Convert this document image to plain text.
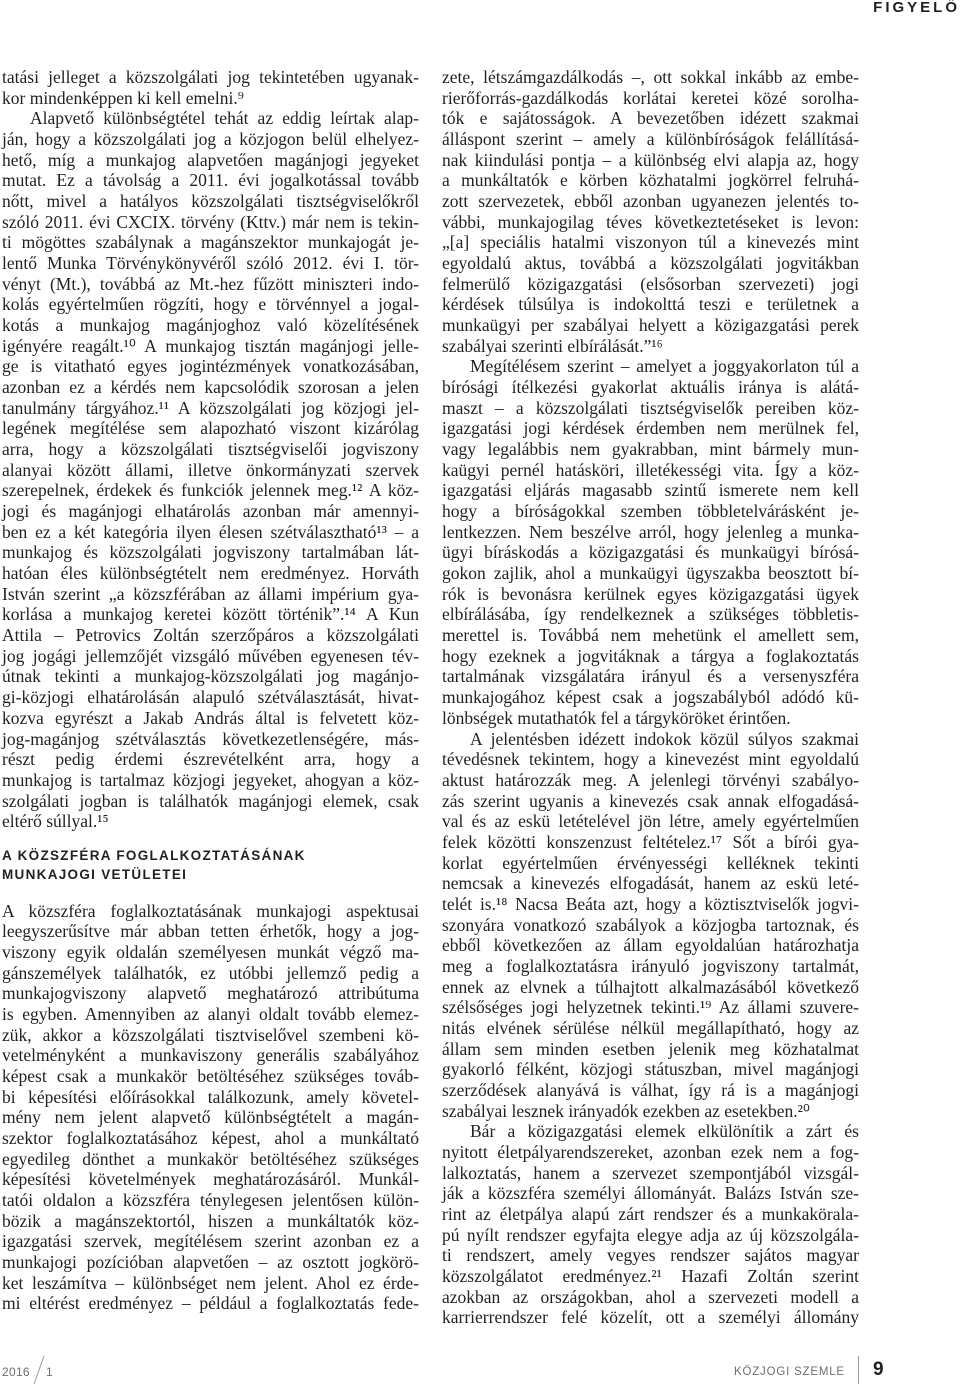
FIGYELŐ
tatási jelleget a közszolgálati jog tekintetében ugyanak-
kor mindenképpen ki kell emelni.⁹
Alapvető különbségtétel tehát az eddig leírtak alap-
ján, hogy a közszolgálati jog a közjogon belül elhelyez-
hető, míg a munkajog alapvetően magánjogi jegyeket
mutat. Ez a távolság a 2011. évi jogalkotással tovább
nőtt, mivel a hatályos közszolgálati tisztségviselőkről
szóló 2011. évi CXCIX. törvény (Kttv.) már nem is tekin-
ti mögöttes szabálynak a magánszektor munkajogát je-
lentő Munka Törvénykönyvéről szóló 2012. évi I. tör-
vényt (Mt.), továbbá az Mt.-hez fűzött miniszteri indo-
kolás egyértelműen rögzíti, hogy e törvénnyel a jogal-
kotás a munkajog magánjoghoz való közelítésének
igényére reagált.¹⁰ A munkajog tisztán magánjogi jelle-
ge is vitatható egyes jogintézmények vonatkozásában,
azonban ez a kérdés nem kapcsolódik szorosan a jelen
tanulmány tárgyához.¹¹ A közszolgálati jog közjogi jel-
legének megítélése sem alapozható viszont kizárólag
arra, hogy a közszolgálati tisztségviselői jogviszony
alanyai között állami, illetve önkormányzati szervek
szerepelnek, érdekek és funkciók jelennek meg.¹² A köz-
jogi és magánjogi elhatárolás azonban már amennyi-
ben ez a két kategória ilyen élesen szétválasztható¹³ – a
munkajog és közszolgálati jogviszony tartalmában lát-
hatóan éles különbségtételt nem eredményez. Horváth
István szerint „a közszférában az állami impérium gya-
korlása a munkajog keretei között történik”.¹⁴ A Kun
Attila – Petrovics Zoltán szerzőpáros a közszolgálati
jog jogági jellemzőjét vizsgáló művében egyenesen tév-
útnak tekinti a munkajog-közszolgálati jog magánjo-
gi-közjogi elhatárolásán alapuló szétválasztását, hivat-
kozva egyrészt a Jakab András által is felvetett köz-
jog-magánjog szétválasztás következetlenségére, más-
részt pedig érdemi észrevételként arra, hogy a
munkajog is tartalmaz közjogi jegyeket, ahogyan a köz-
szolgálati jogban is találhatók magánjogi elemek, csak
eltérő súllyal.¹⁵
A KÖZSZFÉRA FOGLALKOZTATÁSÁNAK
MUNKAJOGI VETÜLETEI
A közszféra foglalkoztatásának munkajogi aspektusai
leegyszerűsítve már abban tetten érhetők, hogy a jog-
viszony egyik oldalán személyesen munkát végző ma-
gánszemélyek találhatók, ez utóbbi jellemző pedig a
munkajogviszony alapvető meghatározó attribútuma
is egyben. Amennyiben az alanyi oldalt tovább elemez-
zük, akkor a közszolgálati tisztviselővel szembeni kö-
vetelményként a munkaviszony generális szabályához
képest csak a munkakör betöltéséhez szükséges továb-
bi képesítési előírásokkal találkozunk, amely követel-
mény nem jelent alapvető különbségtételt a magán-
szektor foglalkoztatásához képest, ahol a munkáltató
egyedileg dönthet a munkakör betöltéséhez szükséges
képesítési követelmények meghatározásáról. Munkál-
tatói oldalon a közszféra ténylegesen jelentősen külön-
bözik a magánszektortól, hiszen a munkáltatók köz-
igazgatási szervek, megítélésem szerint azonban ez a
munkajogi pozícióban alapvetően – az osztott jogkörö-
ket leszámítva – különbséget nem jelent. Ahol ez érde-
mi eltérést eredményez – például a foglalkoztatás fede-
zete, létszámgazdálkodás –, ott sokkal inkább az embe-
rierőforrás-gazdálkodás korlátai keretei közé sorolha-
tók e sajátosságok. A bevezetőben idézett szakmai
álláspont szerint – amely a különbíróságok felállításá-
nak kiindulási pontja – a különbség elvi alapja az, hogy
a munkáltatók e körben közhatalmi jogkörrel felruhá-
zott szervezetek, ebből azonban ugyanezen jelentés to-
vábbi, munkajogilag téves következtetéseket is levon:
„[a] speciális hatalmi viszonyon túl a kinevezés mint
egyoldalú aktus, továbbá a közszolgálati jogvitákban
felmerülő közigazgatási (elsősorban szervezeti) jogi
kérdések túlsúlya is indokolttá teszi e területnek a
munkaügyi per szabályai helyett a közigazgatási perek
szabályai szerinti elbírálását.”¹⁶
Megítélésem szerint – amelyet a joggyakorlaton túl a
bírósági ítélkezési gyakorlat aktuális iránya is alátá-
maszt – a közszolgálati tisztségviselők pereiben köz-
igazgatási jogi kérdések érdemben nem merülnek fel,
vagy legalábbis nem gyakrabban, mint bármely mun-
kaügyi pernél hatásköri, illetékességi vita. Így a köz-
igazgatási eljárás magasabb szintű ismerete nem kell
hogy a bíróságokkal szemben többletelvárásként je-
lentkezzen. Nem beszélve arról, hogy jelenleg a munka-
ügyi bíráskodás a közigazgatási és munkaügyi bírósá-
gokon zajlik, ahol a munkaügyi ügyszakba beosztott bí-
rók is bevonásra kerülnek egyes közigazgatási ügyek
elbírálásába, így rendelkeznek a szükséges többletis-
merettel is. Továbbá nem mehetünk el amellett sem,
hogy ezeknek a jogvitáknak a tárgya a foglakoztatás
tartalmának vizsgálatára irányul és a versenyszféra
munkajogához képest csak a jogszabályból adódó kü-
lönbségek mutathatók fel a tárgyköröket érintően.
A jelentésben idézett indokok közül súlyos szakmai
tévedésnek tekintem, hogy a kinevezést mint egyoldalú
aktust határozzák meg. A jelenlegi törvényi szabályo-
zás szerint ugyanis a kinevezés csak annak elfogadásá-
val és az eskü letételével jön létre, amely egyértelműen
felek közötti konszenzust feltételez.¹⁷ Sőt a bírói gya-
korlat egyértelműen érvényességi kelléknek tekinti
nemcsak a kinevezés elfogadását, hanem az eskü leté-
telét is.¹⁸ Nacsa Beáta azt, hogy a köztisztviselők jogvi-
szonyára vonatkozó szabályok a közjogba tartoznak, és
ebből következően az állam egyoldalúan határozhatja
meg a foglalkoztatásra irányuló jogviszony tartalmát,
ennek az elvnek a túlhajtott alkalmazásából következő
szélsőséges jogi helyzetnek tekinti.¹⁹ Az állami szuvere-
nitás elvének sérülése nélkül megállapítható, hogy az
állam sem minden esetben jelenik meg közhatalmat
gyakorló félként, közjogi státuszban, mivel magánjogi
szerződések alanyává is válhat, így rá is a magánjogi
szabályai lesznek irányadók ezekben az esetekben.²⁰
Bár a közigazgatási elemek elkülönítik a zárt és
nyitott életpályarendszereket, azonban ezek nem a fog-
lalkoztatás, hanem a szervezet szempontjából vizsgál-
ják a közszféra személyi állományát. Balázs István sze-
rint az életpálya alapú zárt rendszer és a munkakörala-
pú nyílt rendszer egyfajta elegye adja az új közszolgála-
ti rendszert, amely vegyes rendszer sajátos magyar
közszolgálatot eredményez.²¹ Hazafi Zoltán szerint
azokban az országokban, ahol a szervezeti modell a
karrierrendszer felé közelít, ott a személyi állomány
2016 1	KÖZJOGI SZEMLE 9
